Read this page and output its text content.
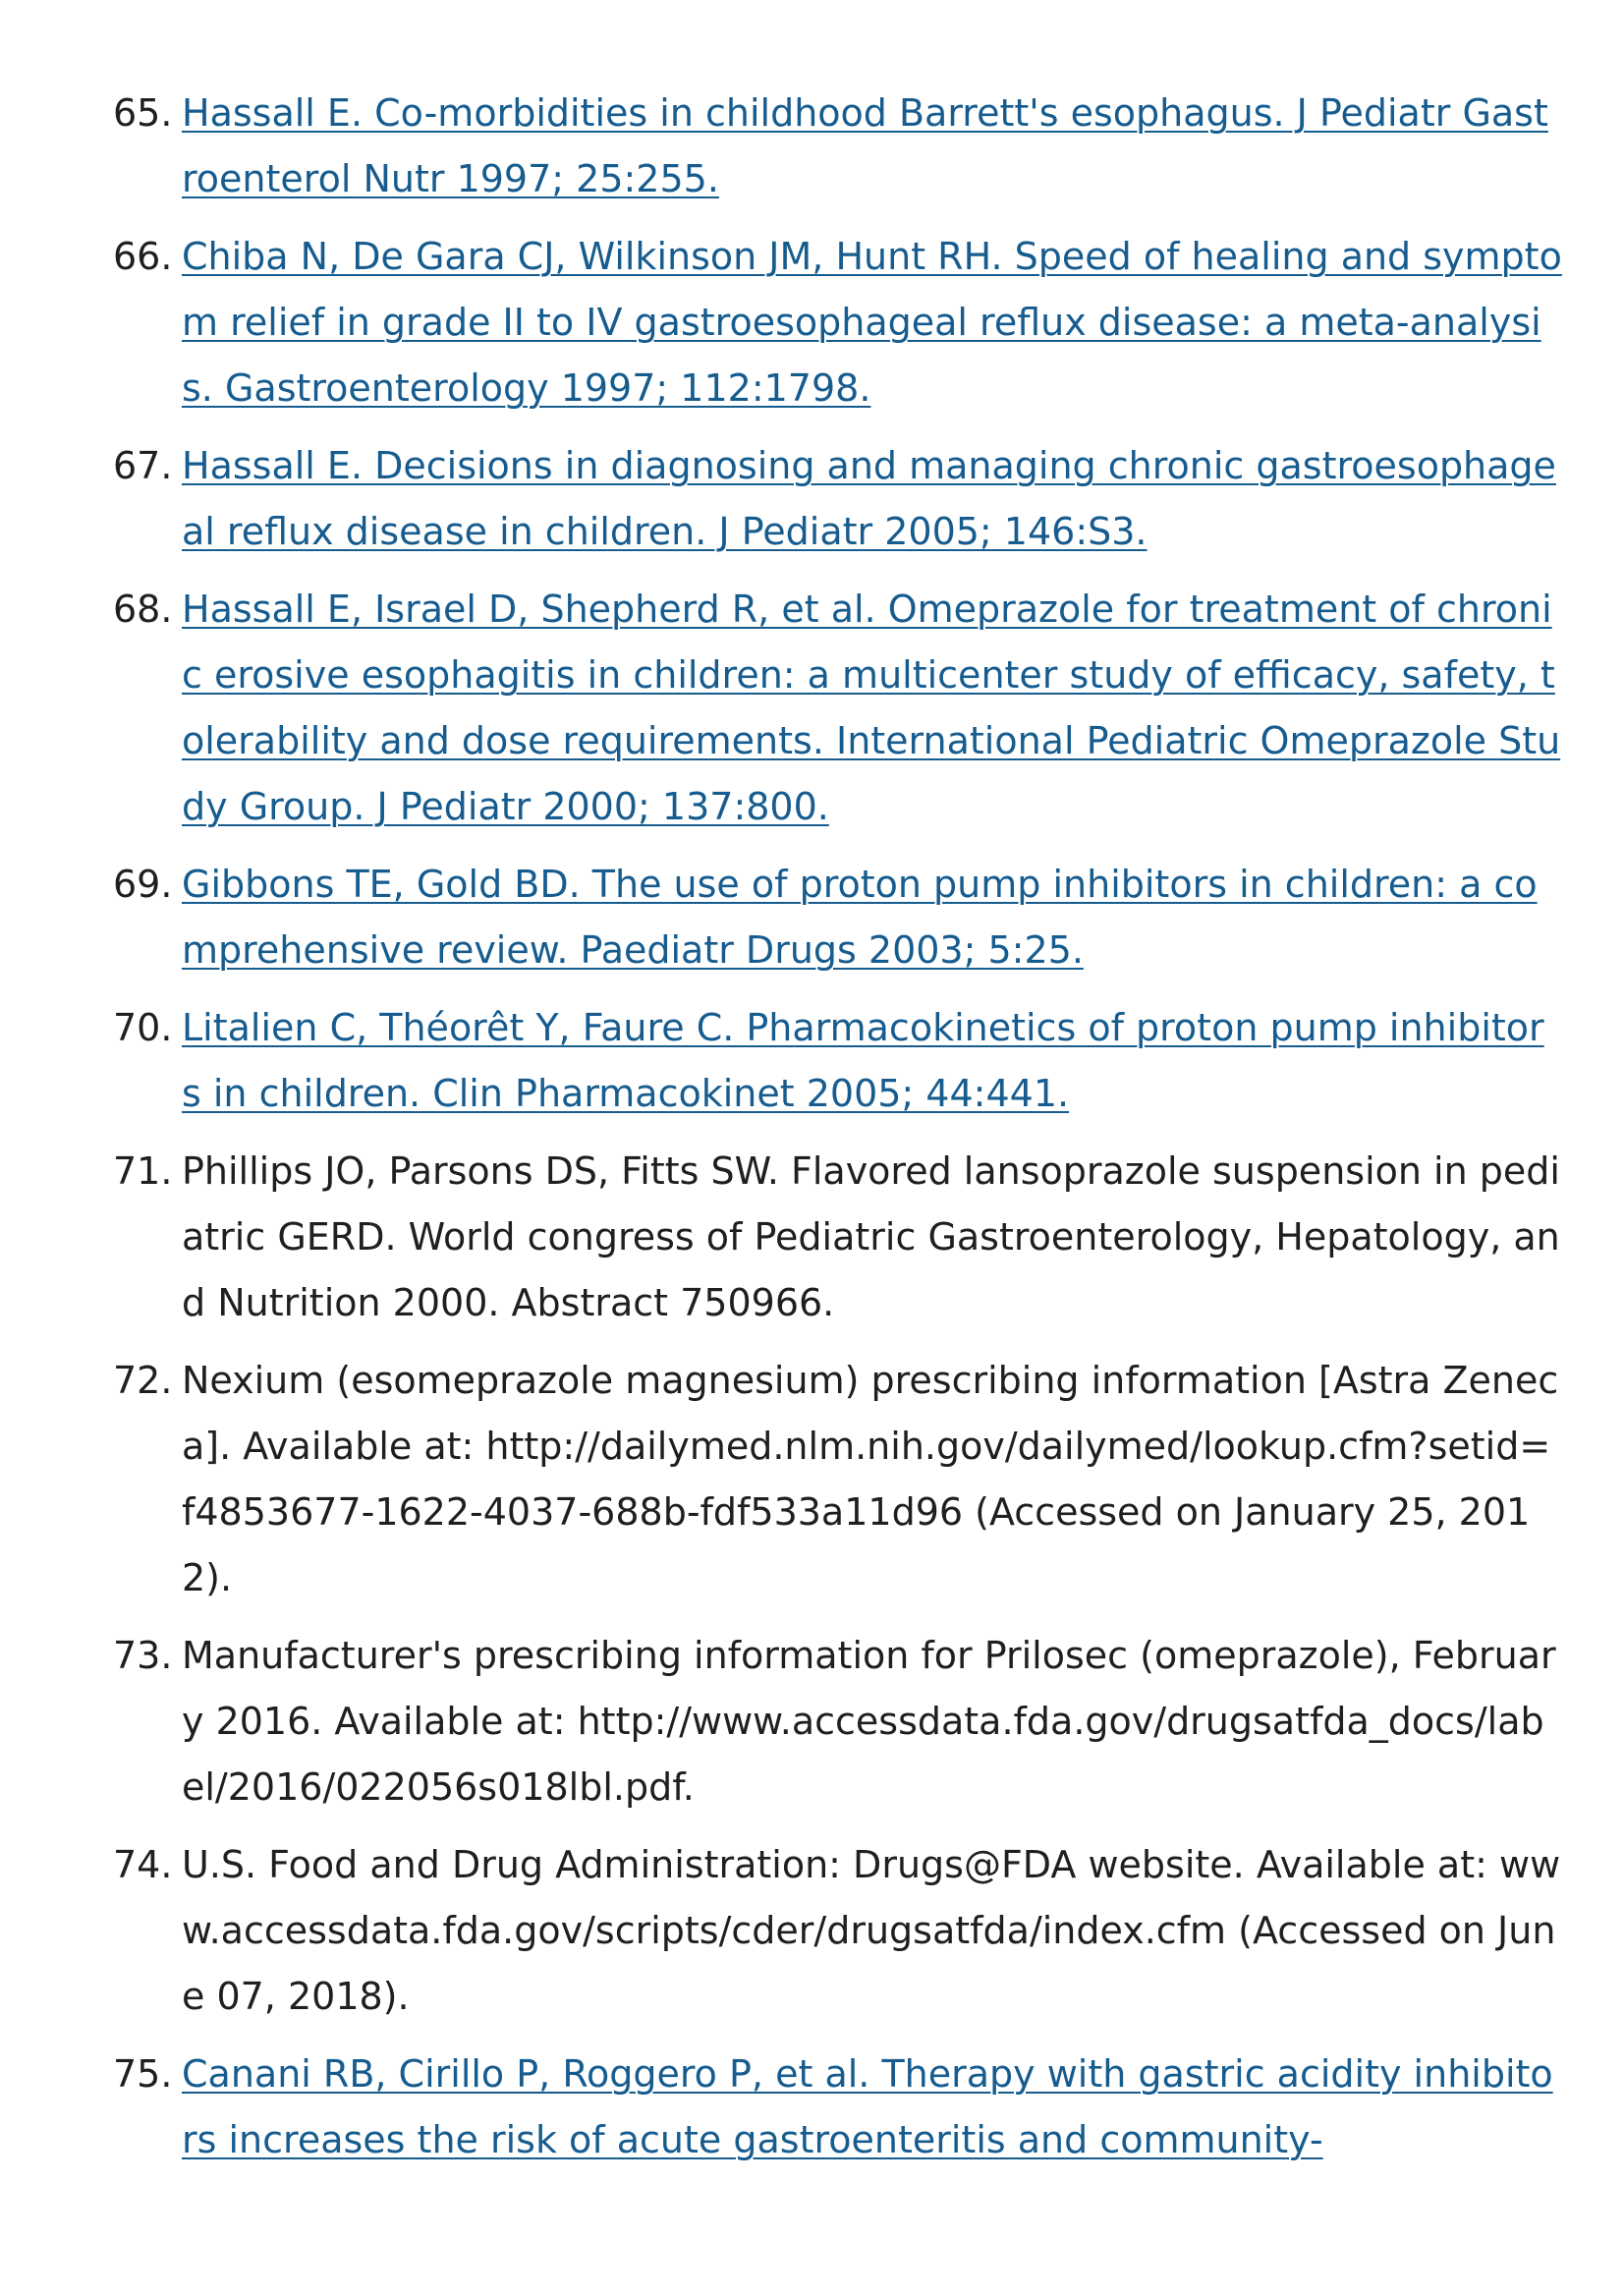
65. Hassall E. Co-morbidities in childhood Barrett's esophagus. J Pediatr Gastroenterol Nutr 1997; 25:255.
66. Chiba N, De Gara CJ, Wilkinson JM, Hunt RH. Speed of healing and symptom relief in grade II to IV gastroesophageal reflux disease: a meta-analysis. Gastroenterology 1997; 112:1798.
67. Hassall E. Decisions in diagnosing and managing chronic gastroesophageal reflux disease in children. J Pediatr 2005; 146:S3.
68. Hassall E, Israel D, Shepherd R, et al. Omeprazole for treatment of chronic erosive esophagitis in children: a multicenter study of efficacy, safety, tolerability and dose requirements. International Pediatric Omeprazole Study Group. J Pediatr 2000; 137:800.
69. Gibbons TE, Gold BD. The use of proton pump inhibitors in children: a comprehensive review. Paediatr Drugs 2003; 5:25.
70. Litalien C, Théorêt Y, Faure C. Pharmacokinetics of proton pump inhibitors in children. Clin Pharmacokinet 2005; 44:441.
71. Phillips JO, Parsons DS, Fitts SW. Flavored lansoprazole suspension in pediatric GERD. World congress of Pediatric Gastroenterology, Hepatology, and Nutrition 2000. Abstract 750966.
72. Nexium (esomeprazole magnesium) prescribing information [Astra Zeneca]. Available at: http://dailymed.nlm.nih.gov/dailymed/lookup.cfm?setid=f4853677-1622-4037-688b-fdf533a11d96 (Accessed on January 25, 2012).
73. Manufacturer's prescribing information for Prilosec (omeprazole), February 2016. Available at: http://www.accessdata.fda.gov/drugsatfda_docs/label/2016/022056s018lbl.pdf.
74. U.S. Food and Drug Administration: Drugs@FDA website. Available at: www.accessdata.fda.gov/scripts/cder/drugsatfda/index.cfm (Accessed on June 07, 2018).
75. Canani RB, Cirillo P, Roggero P, et al. Therapy with gastric acidity inhibitors increases the risk of acute gastroenteritis and community-
